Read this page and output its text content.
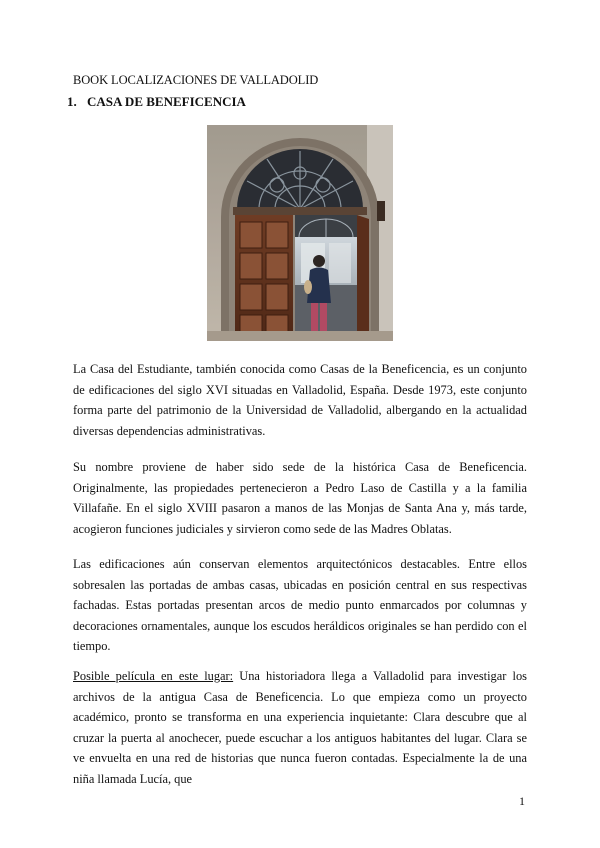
BOOK LOCALIZACIONES DE VALLADOLID
1. CASA DE BENEFICENCIA

La Casa del Estudiante, también conocida como Casas de la Beneficencia, es un conjunto de edificaciones del siglo XVI situadas en Valladolid, España. Desde 1973, este conjunto forma parte del patrimonio de la Universidad de Valladolid, albergando en la actualidad diversas dependencias administrativas.

Su nombre proviene de haber sido sede de la histórica Casa de Beneficencia. Originalmente, las propiedades pertenecieron a Pedro Laso de Castilla y a la familia Villafañe. En el siglo XVIII pasaron a manos de las Monjas de Santa Ana y, más tarde, acogieron funciones judiciales y sirvieron como sede de las Madres Oblatas.

Las edificaciones aún conservan elementos arquitectónicos destacables. Entre ellos sobresalen las portadas de ambas casas, ubicadas en posición central en sus respectivas fachadas. Estas portadas presentan arcos de medio punto enmarcados por columnas y decoraciones ornamentales, aunque los escudos heráldicos originales se han perdido con el tiempo.

Posible película en este lugar: Una historiadora llega a Valladolid para investigar los archivos de la antigua Casa de Beneficencia. Lo que empieza como un proyecto académico, pronto se transforma en una experiencia inquietante: Clara descubre que al cruzar la puerta al anochecer, puede escuchar a los antiguos habitantes del lugar. Clara se ve envuelta en una red de historias que nunca fueron contadas. Especialmente la de una niña llamada Lucía, que

1
